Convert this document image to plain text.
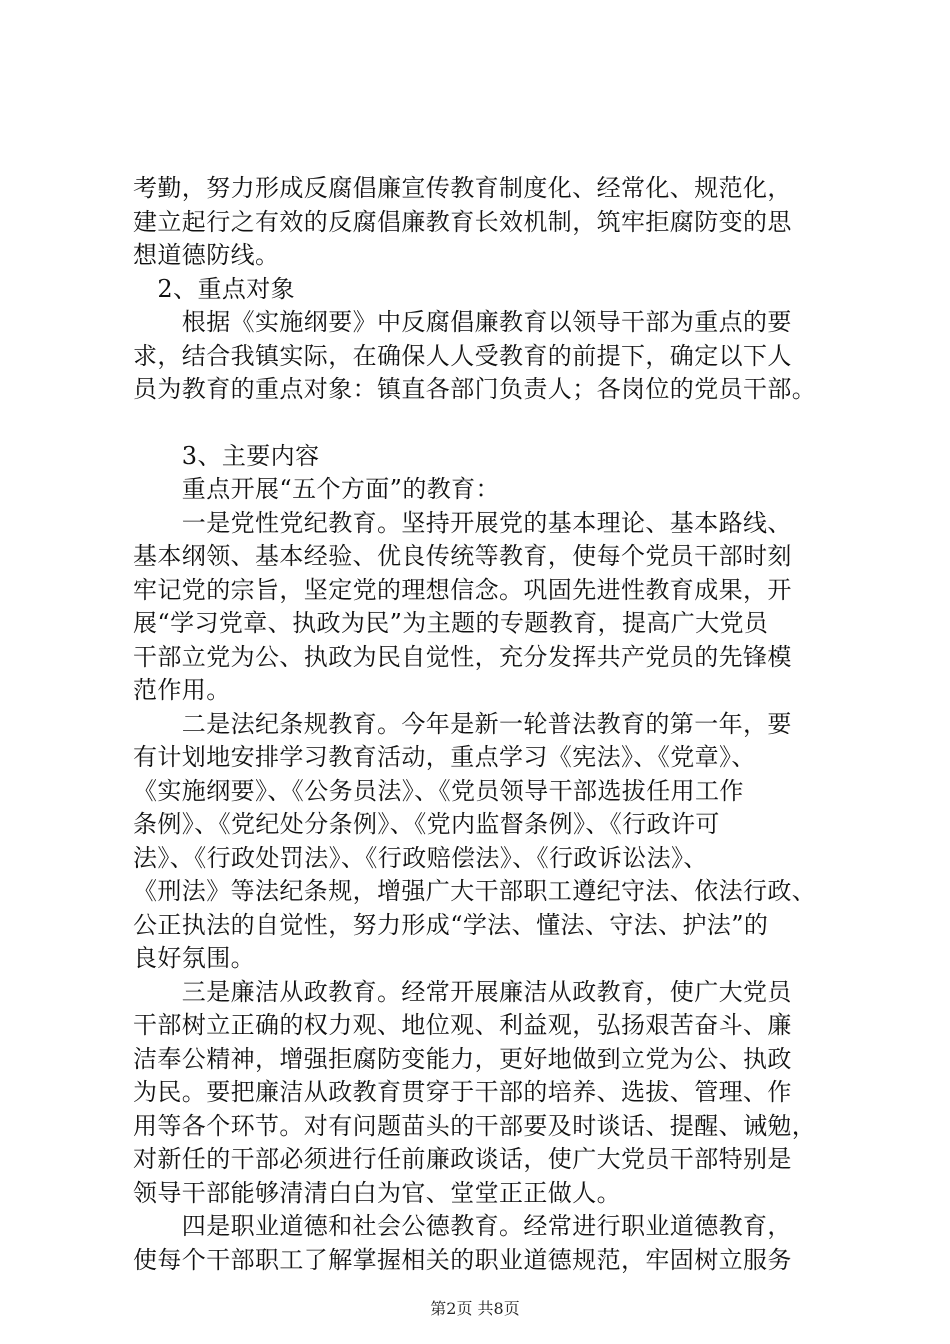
考勤，努力形成反腐倡廉宣传教育制度化、经常化、规范化，
建立起行之有效的反腐倡廉教育长效机制，筑牢拒腐防变的思
想道德防线。
　2、重点对象
　　根据《实施纲要》中反腐倡廉教育以领导干部为重点的要
求，结合我镇实际，在确保人人受教育的前提下，确定以下人
员为教育的重点对象：镇直各部门负责人；各岗位的党员干部。
　　3、主要内容
　　重点开展“五个方面”的教育：
　　一是党性党纪教育。坚持开展党的基本理论、基本路线、
基本纲领、基本经验、优良传统等教育，使每个党员干部时刻
牢记党的宗旨，坚定党的理想信念。巩固先进性教育成果，开
展“学习党章、执政为民”为主题的专题教育，提高广大党员
干部立党为公、执政为民自觉性，充分发挥共产党员的先锋模
范作用。
　　二是法纪条规教育。今年是新一轮普法教育的第一年，要
有计划地安排学习教育活动，重点学习《宪法》、《党章》、
《实施纲要》、《公务员法》、《党员领导干部选拔任用工作
条例》、《党纪处分条例》、《党内监督条例》、《行政许可
法》、《行政处罚法》、《行政赔偿法》、《行政诉讼法》、
《刑法》等法纪条规，增强广大干部职工遵纪守法、依法行政、
公正执法的自觉性，努力形成“学法、懂法、守法、护法”的
良好氛围。
　　三是廉洁从政教育。经常开展廉洁从政教育，使广大党员
干部树立正确的权力观、地位观、利益观，弘扬艰苦奋斗、廉
洁奉公精神，增强拒腐防变能力，更好地做到立党为公、执政
为民。要把廉洁从政教育贯穿于干部的培养、选拔、管理、作
用等各个环节。对有问题苗头的干部要及时谈话、提醒、诫勉，
对新任的干部必须进行任前廉政谈话，使广大党员干部特别是
领导干部能够清清白白为官、堂堂正正做人。
　　四是职业道德和社会公德教育。经常进行职业道德教育，
使每个干部职工了解掌握相关的职业道德规范，牢固树立服务
第2页 共8页
